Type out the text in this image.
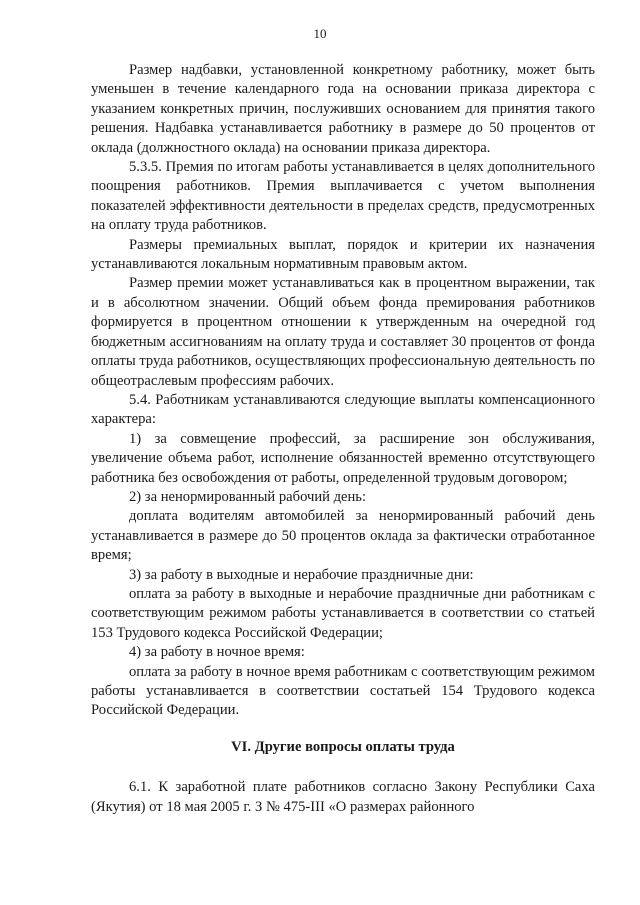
10

Размер надбавки, установленной конкретному работнику, может быть уменьшен в течение календарного года на основании приказа директора с указанием конкретных причин, послуживших основанием для принятия такого решения. Надбавка устанавливается работнику в размере до 50 процентов от оклада (должностного оклада) на основании приказа директора.

5.3.5. Премия по итогам работы устанавливается в целях дополнительного поощрения работников. Премия выплачивается с учетом выполнения показателей эффективности деятельности в пределах средств, предусмотренных на оплату труда работников.

Размеры премиальных выплат, порядок и критерии их назначения устанавливаются локальным нормативным правовым актом.

Размер премии может устанавливаться как в процентном выражении, так и в абсолютном значении. Общий объем фонда премирования работников формируется в процентном отношении к утвержденным на очередной год бюджетным ассигнованиям на оплату труда и составляет 30 процентов от фонда оплаты труда работников, осуществляющих профессиональную деятельность по общеотраслевым профессиям рабочих.

5.4. Работникам устанавливаются следующие выплаты компенсационного характера:

1) за совмещение профессий, за расширение зон обслуживания, увеличение объема работ, исполнение обязанностей временно отсутствующего работника без освобождения от работы, определенной трудовым договором;

2) за ненормированный рабочий день:

доплата водителям автомобилей за ненормированный рабочий день устанавливается в размере до 50 процентов оклада за фактически отработанное время;

3) за работу в выходные и нерабочие праздничные дни:

оплата за работу в выходные и нерабочие праздничные дни работникам с соответствующим режимом работы устанавливается в соответствии со статьей 153 Трудового кодекса Российской Федерации;

4) за работу в ночное время:

оплата за работу в ночное время работникам с соответствующим режимом работы устанавливается в соответствии состатьей 154 Трудового кодекса Российской Федерации.

VI. Другие вопросы оплаты труда

6.1. К заработной плате работников согласно Закону Республики Саха (Якутия) от 18 мая 2005 г. З № 475-III «О размерах районного
